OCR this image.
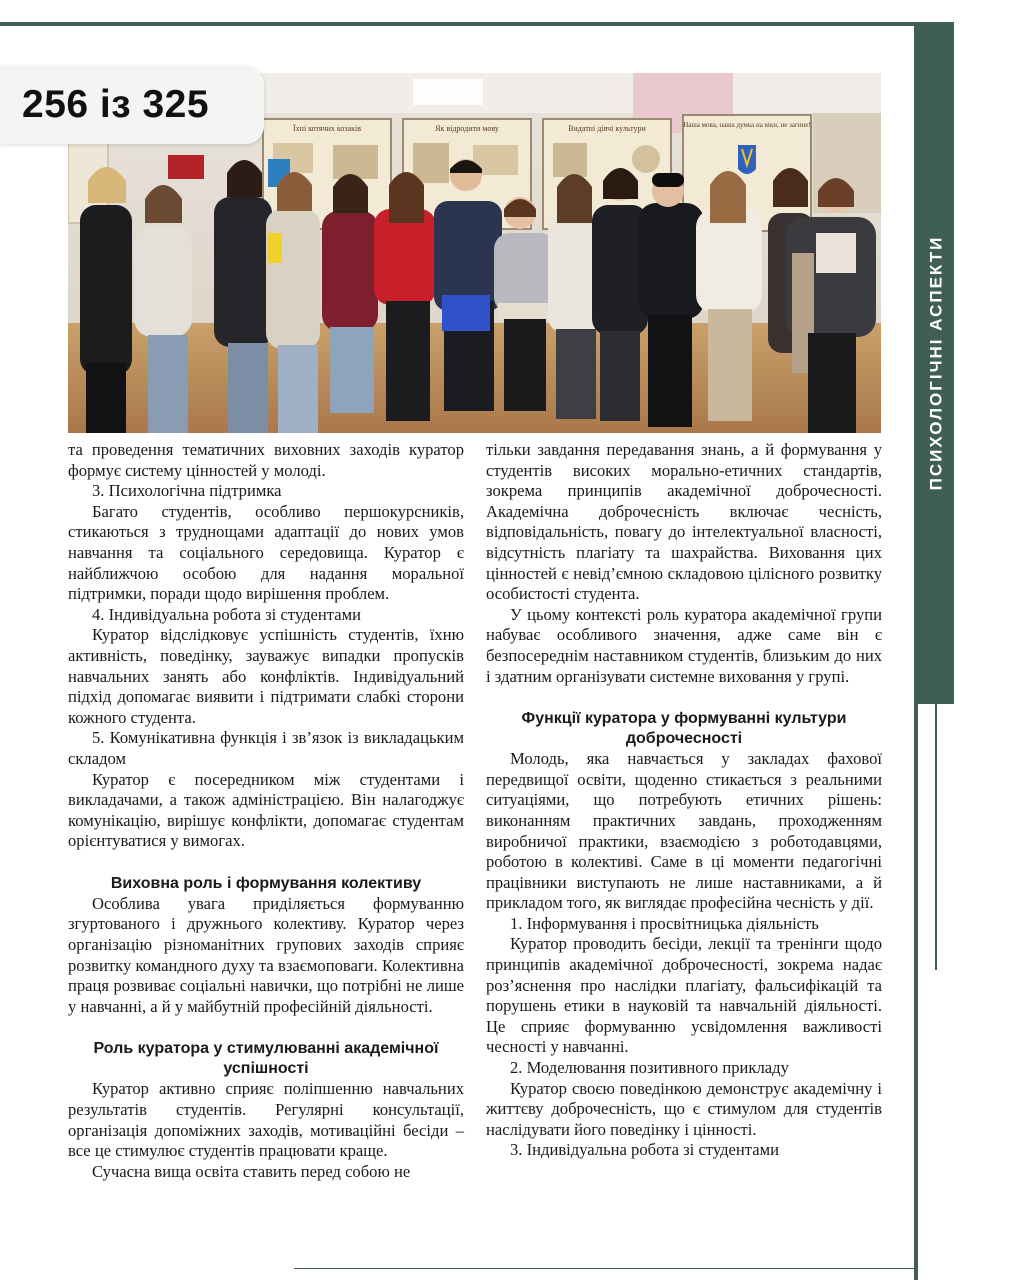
ПСИХОЛОГІЧНІ АСПЕКТИ
Їхні котячих козаків	Як відродити мову	Видатні діячі культури	Наша мова, наша думка на віки, не загине!
256 із 325

та проведення тематичних виховних заходів куратор формує систему цінностей у молоді.

3. Психологічна підтримка

Багато студентів, особливо першокурсників, стикаються з труднощами адаптації до нових умов навчання та соціального середовища. Куратор є найближчою особою для надання моральної підтримки, поради щодо вирішення проблем.

4. Індивідуальна робота зі студентами

Куратор відслідковує успішність студентів, їхню активність, поведінку, зауважує випадки пропусків навчальних занять або конфліктів. Індивідуальний підхід допомагає виявити і підтримати слабкі сторони кожного студента.

5. Комунікативна функція і зв’язок із викладацьким складом

Куратор є посередником між студентами і викладачами, а також адміністрацією. Він налагоджує комунікацію, вирішує конфлікти, допомагає студентам орієнтуватися у вимогах.

Виховна роль і формування колективу

Особлива увага приділяється формуванню згуртованого і дружнього колективу. Куратор через організацію різноманітних групових заходів сприяє розвитку командного духу та взаємоповаги. Колективна праця розвиває соціальні навички, що потрібні не лише у навчанні, а й у майбутній професійній діяльності.

Роль куратора у стимулюванні академічної успішності

Куратор активно сприяє поліпшенню навчальних результатів студентів. Регулярні консультації, організація допоміжних заходів, мотиваційні бесіди – все це стимулює студентів працювати краще.

Сучасна вища освіта ставить перед собою не

тільки завдання передавання знань, а й формування у студентів високих морально-етичних стандартів, зокрема принципів академічної доброчесності. Академічна доброчесність включає чесність, відповідальність, повагу до інтелектуальної власності, відсутність плагіату та шахрайства. Виховання цих цінностей є невід’ємною складовою цілісного розвитку особистості студента.

У цьому контексті роль куратора академічної групи набуває особливого значення, адже саме він є безпосереднім наставником студентів, близьким до них і здатним організувати системне виховання у групі.

Функції куратора у формуванні культури доброчесності

Молодь, яка навчається у закладах фахової передвищої освіти, щоденно стикається з реальними ситуаціями, що потребують етичних рішень: виконанням практичних завдань, проходженням виробничої практики, взаємодією з роботодавцями, роботою в колективі. Саме в ці моменти педагогічні працівники виступають не лише наставниками, а й прикладом того, як виглядає професійна чесність у дії.

1. Інформування і просвітницька діяльність

Куратор проводить бесіди, лекції та тренінги щодо принципів академічної доброчесності, зокрема надає роз’яснення про наслідки плагіату, фальсифікацій та порушень етики в науковій та навчальній діяльності. Це сприяє формуванню усвідомлення важливості чесності у навчанні.

2. Моделювання позитивного прикладу

Куратор своєю поведінкою демонструє академічну і життєву доброчесність, що є стимулом для студентів наслідувати його поведінку і цінності.

3. Індивідуальна робота зі студентами
